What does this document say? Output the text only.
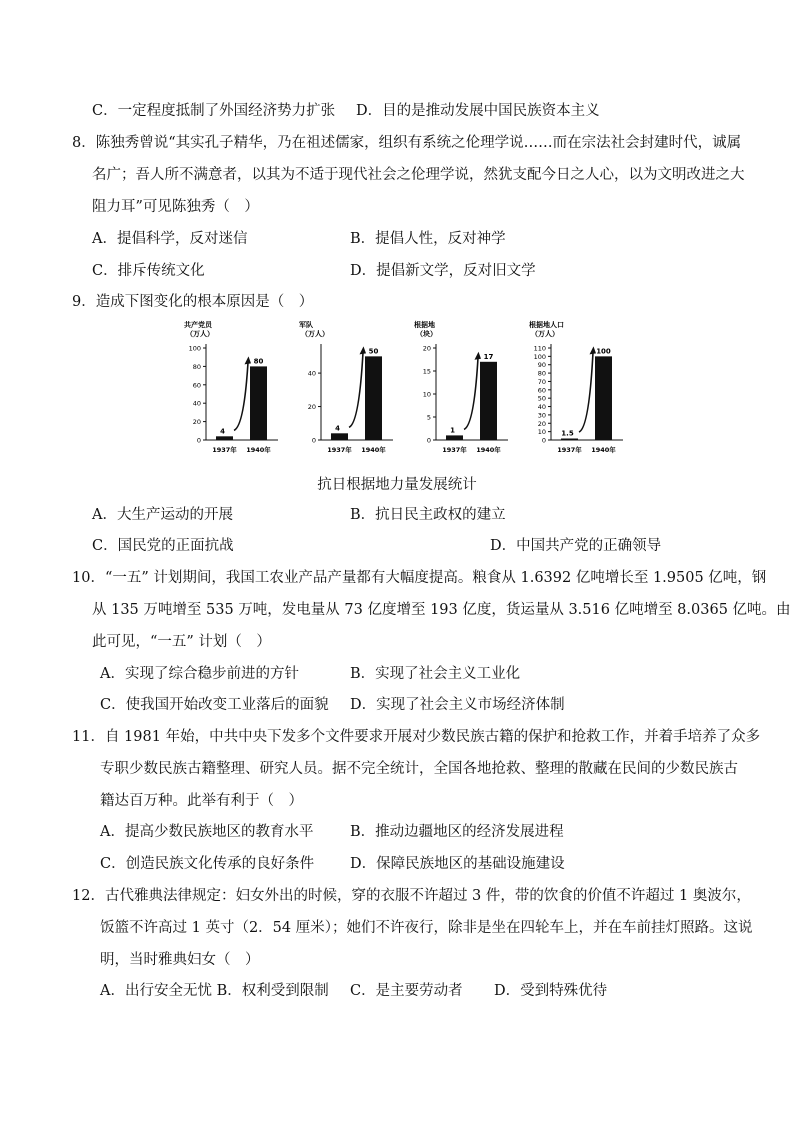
C．一定程度抵制了外国经济势力扩张 D．目的是推动发展中国民族资本主义
8．陈独秀曾说“其实孔子精华，乃在祖述儒家，组织有系统之伦理学说……而在宗法社会封建时代，诚属
名广；吾人所不满意者，以其为不适于现代社会之伦理学说，然犹支配今日之人心，以为文明改进之大
阻力耳”可见陈独秀（　）
A．提倡科学，反对迷信	B．提倡人性，反对神学
C．排斥传统文化	D．提倡新文学，反对旧文学
9．造成下图变化的根本原因是（　）
共产党员
（万人）
0
20
40
60
80
100
4
1937年
80
1940年
军队
（万人）
0
20
40
4
1937年
50
1940年
根据地
（块）
0
5
10
15
20
1
1937年
17
1940年
根据地人口
（万人）
0
10
20
30
40
50
60
70
80
90
100
110
1.5
1937年
100
1940年
抗日根据地力量发展统计
A．大生产运动的开展	B．抗日民主政权的建立
C．国民党的正面抗战	D．中国共产党的正确领导
10．“一五” 计划期间，我国工农业产品产量都有大幅度提高。粮食从 1.6392 亿吨增长至 1.9505 亿吨，钢
从 135 万吨增至 535 万吨，发电量从 73 亿度增至 193 亿度，货运量从 3.516 亿吨增至 8.0365 亿吨。由
此可见，“一五” 计划（　）
A．实现了综合稳步前进的方针	B．实现了社会主义工业化
C．使我国开始改变工业落后的面貌 D．实现了社会主义市场经济体制
11．自 1981 年始，中共中央下发多个文件要求开展对少数民族古籍的保护和抢救工作，并着手培养了众多
专职少数民族古籍整理、研究人员。据不完全统计，全国各地抢救、整理的散藏在民间的少数民族古
籍达百万种。此举有利于（　）
A．提高少数民族地区的教育水平	B．推动边疆地区的经济发展进程
C．创造民族文化传承的良好条件 D．保障民族地区的基础设施建设
12．古代雅典法律规定：妇女外出的时候，穿的衣服不许超过 3 件，带的饮食的价值不许超过 1 奥波尔，
饭篮不许高过 1 英寸（2．54 厘米）；她们不许夜行，除非是坐在四轮车上，并在车前挂灯照路。这说
明，当时雅典妇女（　）
A．出行安全无忧 B．权利受到限制 C．是主要劳动者 D．受到特殊优待
